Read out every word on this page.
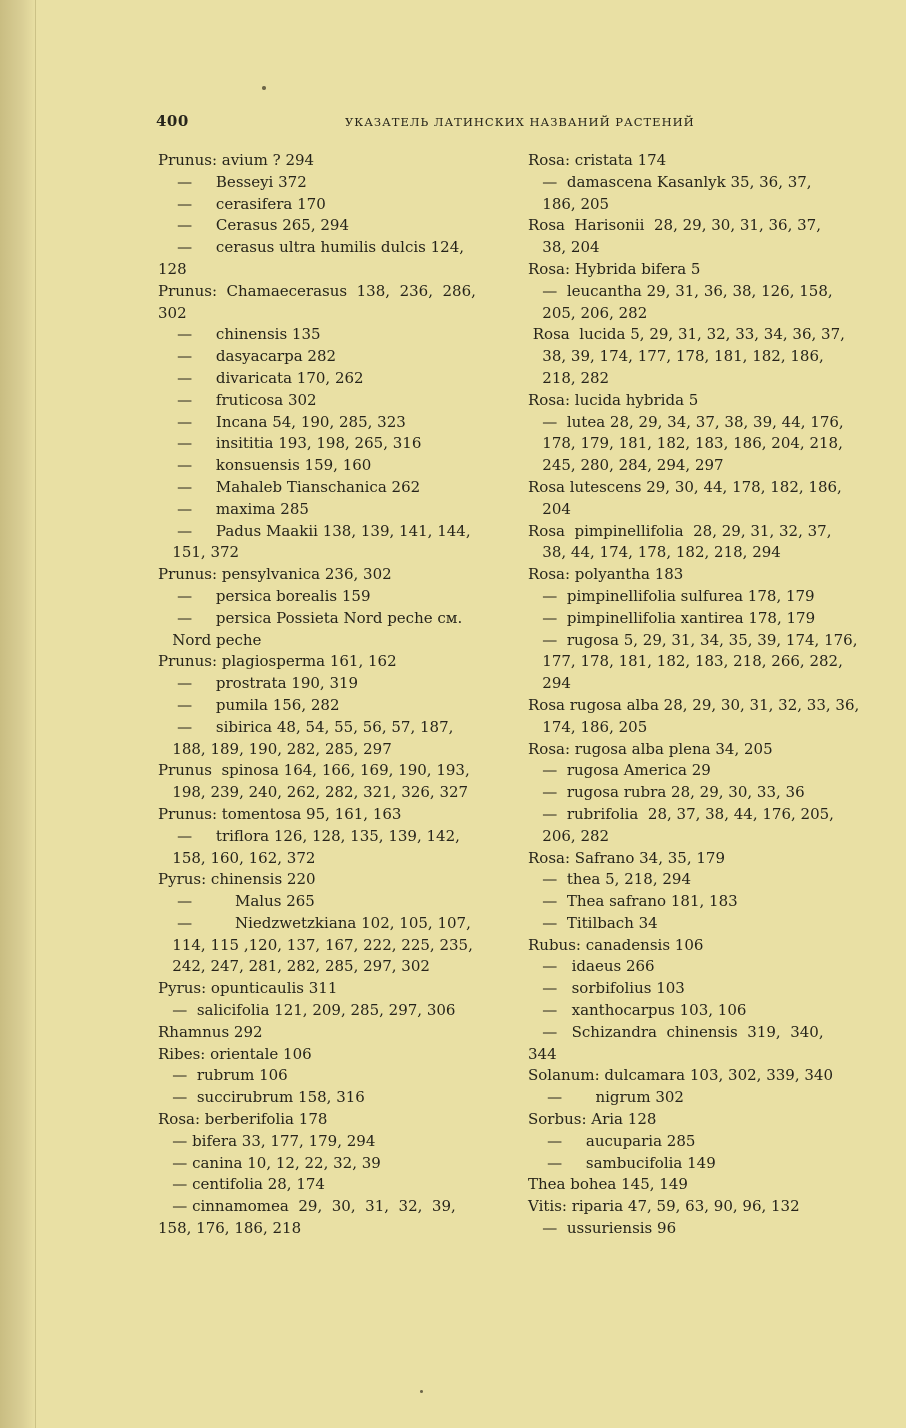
400	УКАЗАТЕЛЬ ЛАТИНСКИХ НАЗВАНИЙ РАСТЕНИЙ
Prunus: avium ? 294
—     Besseyi 372
—     cerasifera 170
—     Cerasus 265, 294
—     cerasus ultra humilis dulcis 124,
128
Prunus:  Chamaecerasus  138,  236,  286,
302
—     chinensis 135
—     dasyacarpa 282
—     divaricata 170, 262
—     fruticosa 302
—     Incana 54, 190, 285, 323
—     insititia 193, 198, 265, 316
—     konsuensis 159, 160
—     Mahaleb Tianschanica 262
—     maxima 285
—     Padus Maakii 138, 139, 141, 144,
151, 372
Prunus: pensylvanica 236, 302
—     persica borealis 159
—     persica Possieta Nord peche см.
Nord peche
Prunus: plagiosperma 161, 162
—     prostrata 190, 319
—     pumila 156, 282
—     sibirica 48, 54, 55, 56, 57, 187,
188, 189, 190, 282, 285, 297
Prunus  spinosa 164, 166, 169, 190, 193,
198, 239, 240, 262, 282, 321, 326, 327
Prunus: tomentosa 95, 161, 163
—     triflora 126, 128, 135, 139, 142,
158, 160, 162, 372
Pyrus: chinensis 220
—         Malus 265
—         Niedzwetzkiana 102, 105, 107,
114, 115 ,120, 137, 167, 222, 225, 235,
242, 247, 281, 282, 285, 297, 302
Pyrus: opunticaulis 311
—  salicifolia 121, 209, 285, 297, 306
Rhamnus 292
Ribes: orientale 106
—  rubrum 106
—  succirubrum 158, 316
Rosa: berberifolia 178
— bifera 33, 177, 179, 294
— canina 10, 12, 22, 32, 39
— centifolia 28, 174
— cinnamomea  29,  30,  31,  32,  39,
158, 176, 186, 218
Rosa: cristata 174
—  damascena Kasanlyk 35, 36, 37,
186, 205
Rosa  Harisonii  28, 29, 30, 31, 36, 37,
38, 204
Rosa: Hybrida bifera 5
—  leucantha 29, 31, 36, 38, 126, 158,
205, 206, 282
Rosa  lucida 5, 29, 31, 32, 33, 34, 36, 37,
38, 39, 174, 177, 178, 181, 182, 186,
218, 282
Rosa: lucida hybrida 5
—  lutea 28, 29, 34, 37, 38, 39, 44, 176,
178, 179, 181, 182, 183, 186, 204, 218,
245, 280, 284, 294, 297
Rosa lutescens 29, 30, 44, 178, 182, 186,
204
Rosa  pimpinellifolia  28, 29, 31, 32, 37,
38, 44, 174, 178, 182, 218, 294
Rosa: polyantha 183
—  pimpinellifolia sulfurea 178, 179
—  pimpinellifolia xantirea 178, 179
—  rugosa 5, 29, 31, 34, 35, 39, 174, 176,
177, 178, 181, 182, 183, 218, 266, 282,
294
Rosa rugosa alba 28, 29, 30, 31, 32, 33, 36,
174, 186, 205
Rosa: rugosa alba plena 34, 205
—  rugosa America 29
—  rugosa rubra 28, 29, 30, 33, 36
—  rubrifolia  28, 37, 38, 44, 176, 205,
206, 282
Rosa: Safrano 34, 35, 179
—  thea 5, 218, 294
—  Thea safrano 181, 183
—  Titilbach 34
Rubus: canadensis 106
—   idaeus 266
—   sorbifolius 103
—   xanthocarpus 103, 106
—   Schizandra  chinensis  319,  340,
344
Solanum: dulcamara 103, 302, 339, 340
—       nigrum 302
Sorbus: Aria 128
—     aucuparia 285
—     sambucifolia 149
Thea bohea 145, 149
Vitis: riparia 47, 59, 63, 90, 96, 132
—  ussuriensis 96
